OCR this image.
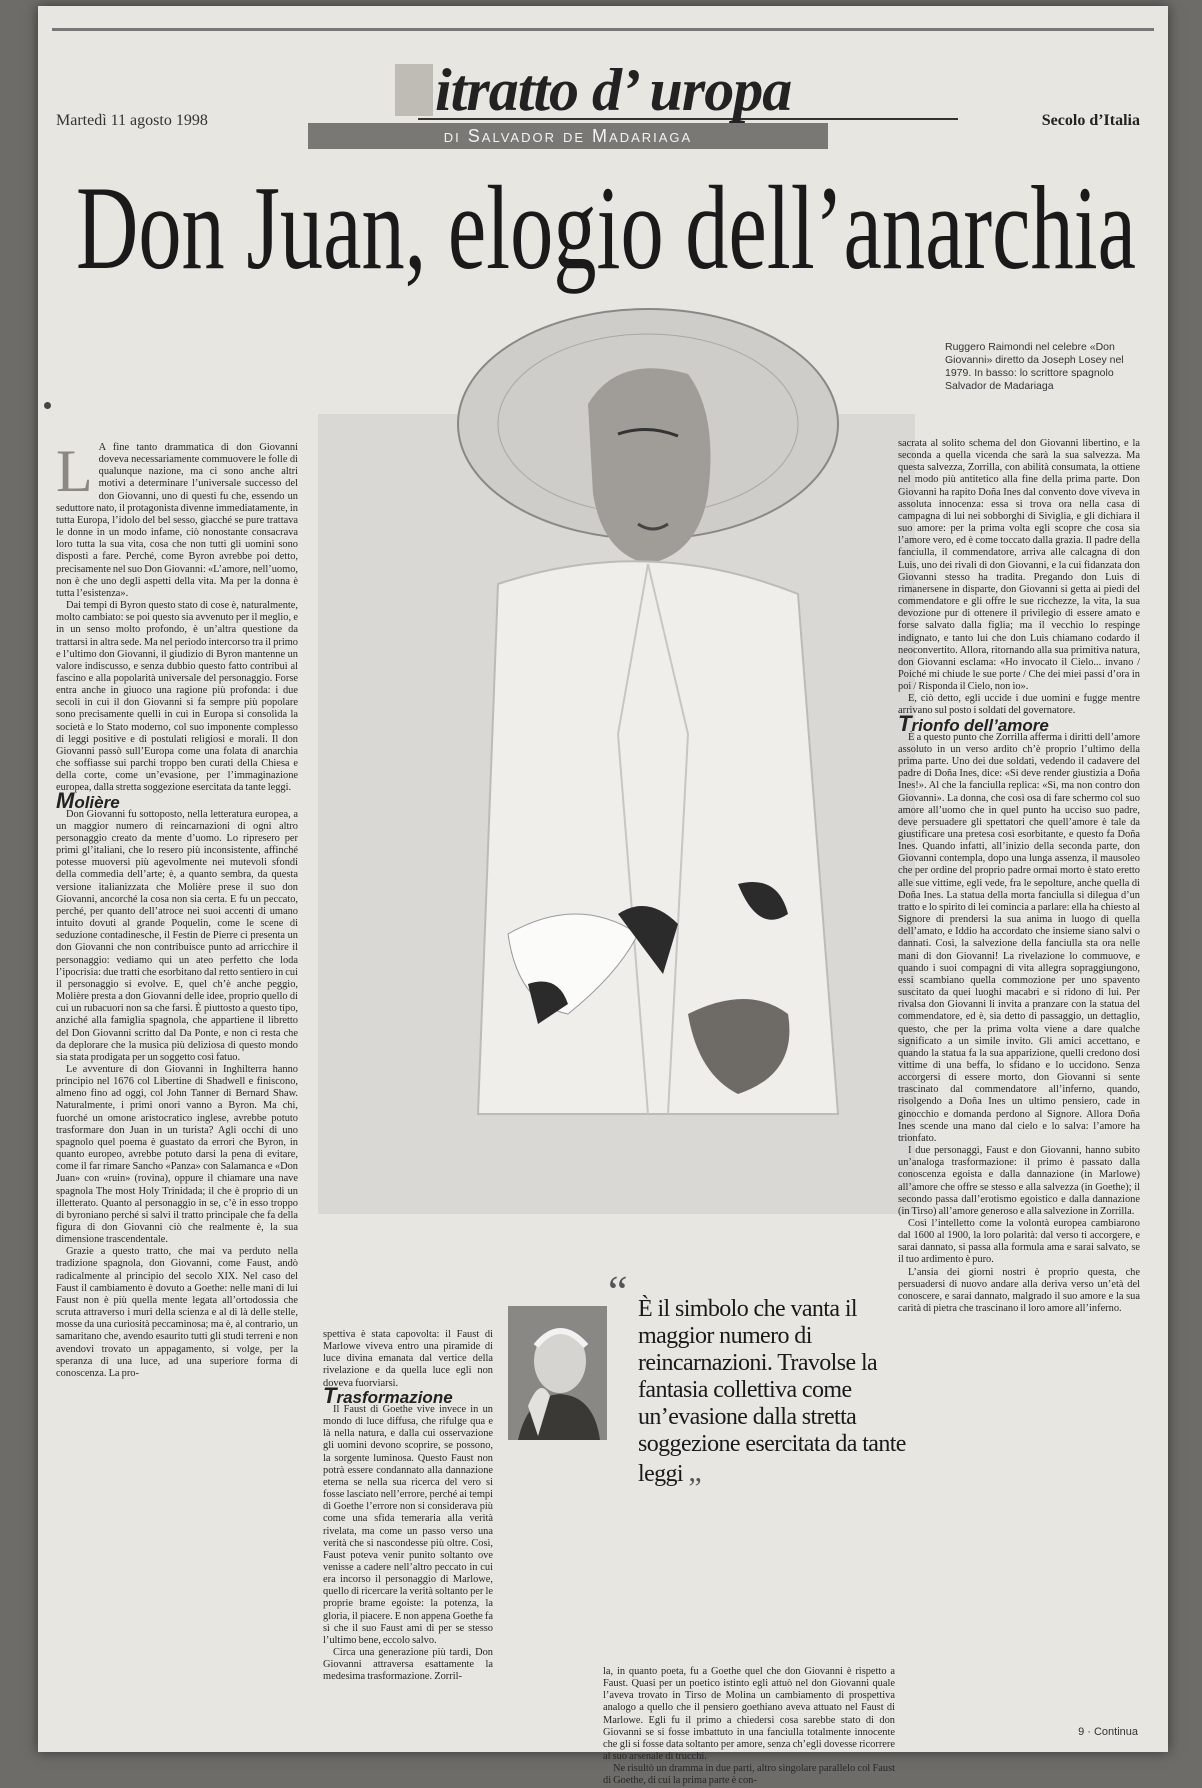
itratto d’ uropa
di Salvador de Madariaga
Martedì 11 agosto 1998	Secolo d’Italia
Don Juan, elogio dell’anarchia
Ruggero Raimondi nel celebre «Don Giovanni» diretto da Joseph Losey nel 1979. In basso: lo scrittore spagnolo Salvador de Madariaga
L A fine tanto drammatica di don Giovanni doveva necessariamente commuovere le folle di qualunque nazione, ma ci sono anche altri motivi a determinare l’universale successo del don Giovanni, uno di questi fu che, essendo un seduttore nato, il protagonista divenne immediatamente, in tutta Europa, l’idolo del bel sesso, giacché se pure trattava le donne in un modo infame, ciò nonostante consacrava loro tutta la sua vita, cosa che non tutti gli uomini sono disposti a fare. Perché, come Byron avrebbe poi detto, precisamente nel suo Don Giovanni: «L’amore, nell’uomo, non è che uno degli aspetti della vita. Ma per la donna è tutta l’esistenza».

Dai tempi di Byron questo stato di cose è, naturalmente, molto cambiato: se poi questo sia avvenuto per il meglio, e in un senso molto profondo, è un’altra questione da trattarsi in altra sede. Ma nel periodo intercorso tra il primo e l’ultimo don Giovanni, il giudizio di Byron mantenne un valore indiscusso, e senza dubbio questo fatto contribuì al fascino e alla popolarità universale del personaggio. Forse entra anche in giuoco una ragione più profonda: i due secoli in cui il don Giovanni si fa sempre più popolare sono precisamente quelli in cui in Europa si consolida la società e lo Stato moderno, col suo imponente complesso di leggi positive e di postulati religiosi e morali. Il don Giovanni passò sull’Europa come una folata di anarchia che soffiasse sui parchi troppo ben curati della Chiesa e della corte, come un’evasione, per l’immaginazione europea, dalla stretta soggezione esercitata da tante leggi.

Molière

Don Giovanni fu sottoposto, nella letteratura europea, a un maggior numero di reincarnazioni di ogni altro personaggio creato da mente d’uomo. Lo ripresero per primi gl’italiani, che lo resero più inconsistente, affinché potesse muoversi più agevolmente nei mutevoli sfondi della commedia dell’arte; è, a quanto sembra, da questa versione italianizzata che Molière prese il suo don Giovanni, ancorché la cosa non sia certa. E fu un peccato, perché, per quanto dell’atroce nei suoi accenti di umano intuito dovuti al grande Poquelin, come le scene di seduzione contadinesche, il Festin de Pierre ci presenta un don Giovanni che non contribuisce punto ad arricchire il personaggio: vediamo qui un ateo perfetto che loda l’ipocrisia: due tratti che esorbitano dal retto sentiero in cui il personaggio si evolve. E, quel ch’è anche peggio, Molière presta a don Giovanni delle idee, proprio quello di cui un rubacuori non sa che farsi. È piuttosto a questo tipo, anziché alla famiglia spagnola, che appartiene il libretto del Don Giovanni scritto dal Da Ponte, e non ci resta che da deplorare che la musica più deliziosa di questo mondo sia stata prodigata per un soggetto così fatuo.

Le avventure di don Giovanni in Inghilterra hanno principio nel 1676 col Libertine di Shadwell e finiscono, almeno fino ad oggi, col John Tanner di Bernard Shaw. Naturalmente, i primi onori vanno a Byron. Ma chi, fuorché un omone aristocratico inglese, avrebbe potuto trasformare don Juan in un turista? Agli occhi di uno spagnolo quel poema è guastato da errori che Byron, in quanto europeo, avrebbe potuto darsi la pena di evitare, come il far rimare Sancho «Panza» con Salamanca e «Don Juan» con «ruin» (rovina), oppure il chiamare una nave spagnola The most Holy Trinidada; il che è proprio di un illetterato. Quanto al personaggio in se, c’è in esso troppo di byroniano perché si salvi il tratto principale che fa della figura di don Giovanni ciò che realmente è, la sua dimensione trascendentale.

Grazie a questo tratto, che mai va perduto nella tradizione spagnola, don Giovanni, come Faust, andò radicalmente al principio del secolo XIX. Nel caso del Faust il cambiamento è dovuto a Goethe: nelle mani di lui Faust non è più quella mente legata all’ortodossia che scruta attraverso i muri della scienza e al di là delle stelle, mosse da una curiosità peccaminosa; ma è, al contrario, un samaritano che, avendo esaurito tutti gli studi terreni e non avendovi trovato un appagamento, si volge, per la speranza di una luce, ad una superiore forma di conoscenza. La pro-

spettiva è stata capovolta: il Faust di Marlowe viveva entro una piramide di luce divina emanata dal vertice della rivelazione e da quella luce egli non doveva fuorviarsi.

Trasformazione

Il Faust di Goethe vive invece in un mondo di luce diffusa, che rifulge qua e là nella natura, e dalla cui osservazione gli uomini devono scoprire, se possono, la sorgente luminosa. Questo Faust non potrà essere condannato alla dannazione eterna se nella sua ricerca del vero si fosse lasciato nell’errore, perché ai tempi di Goethe l’errore non si considerava più come una sfida temeraria alla verità rivelata, ma come un passo verso una verità che si nascondesse più oltre. Così, Faust poteva venir punito soltanto ove venisse a cadere nell’altro peccato in cui era incorso il personaggio di Marlowe, quello di ricercare la verità soltanto per le proprie brame egoiste: la potenza, la gloria, il piacere. E non appena Goethe fa sì che il suo Faust ami di per se stesso l’ultimo bene, eccolo salvo.

Circa una generazione più tardi, Don Giovanni attraversa esattamente la medesima trasformazione. Zorril-

“ È il simbolo che vanta il maggior numero di reincarnazioni. Travolse la fantasia collettiva come un’evasione dalla stretta soggezione esercitata da tante leggi „

la, in quanto poeta, fu a Goethe quel che don Giovanni è rispetto a Faust. Quasi per un poetico istinto egli attuò nel don Giovanni quale l’aveva trovato in Tirso de Molina un cambiamento di prospettiva analogo a quello che il pensiero goethiano aveva attuato nel Faust di Marlowe. Egli fu il primo a chiedersi cosa sarebbe stato di don Giovanni se si fosse imbattuto in una fanciulla totalmente innocente che gli si fosse data soltanto per amore, senza ch’egli dovesse ricorrere al suo arsenale di trucchi.

Ne risultò un dramma in due parti, altro singolare parallelo col Faust di Goethe, di cui la prima parte è con-

sacrata al solito schema del don Giovanni libertino, e la seconda a quella vicenda che sarà la sua salvezza. Ma questa salvezza, Zorrilla, con abilità consumata, la ottiene nel modo più antitetico alla fine della prima parte. Don Giovanni ha rapito Doña Ines dal convento dove viveva in assoluta innocenza: essa si trova ora nella casa di campagna di lui nei sobborghi di Siviglia, e gli dichiara il suo amore: per la prima volta egli scopre che cosa sia l’amore vero, ed è come toccato dalla grazia. Il padre della fanciulla, il commendatore, arriva alle calcagna di don Luis, uno dei rivali di don Giovanni, e la cui fidanzata don Giovanni stesso ha tradita. Pregando don Luis di rimanersene in disparte, don Giovanni si getta ai piedi del commendatore e gli offre le sue ricchezze, la vita, la sua devozione pur di ottenere il privilegio di essere amato e forse salvato dalla figlia; ma il vecchio lo respinge indignato, e tanto lui che don Luis chiamano codardo il neoconvertito. Allora, ritornando alla sua primitiva natura, don Giovanni esclama: «Ho invocato il Cielo... invano / Poiché mi chiude le sue porte / Che dei miei passi d’ora in poi / Risponda il Cielo, non io».

E, ciò detto, egli uccide i due uomini e fugge mentre arrivano sul posto i soldati del governatore.

Trionfo dell’amore

È a questo punto che Zorrilla afferma i diritti dell’amore assoluto in un verso ardito ch’è proprio l’ultimo della prima parte. Uno dei due soldati, vedendo il cadavere del padre di Doña Ines, dice: «Si deve render giustizia a Doña Ines!». Al che la fanciulla replica: «Sì, ma non contro don Giovanni». La donna, che così osa di fare schermo col suo amore all’uomo che in quel punto ha ucciso suo padre, deve persuadere gli spettatori che quell’amore è tale da giustificare una pretesa così esorbitante, e questo fa Doña Ines. Quando infatti, all’inizio della seconda parte, don Giovanni contempla, dopo una lunga assenza, il mausoleo che per ordine del proprio padre ormai morto è stato eretto alle sue vittime, egli vede, fra le sepolture, anche quella di Doña Ines. La statua della morta fanciulla si dilegua d’un tratto e lo spirito di lei comincia a parlare: ella ha chiesto al Signore di prendersi la sua anima in luogo di quella dell’amato, e Iddio ha accordato che insieme siano salvi o dannati. Così, la salvezione della fanciulla sta ora nelle mani di don Giovanni! La rivelazione lo commuove, e quando i suoi compagni di vita allegra sopraggiungono, essi scambiano quella commozione per uno spavento suscitato da quei luoghi macabri e si ridono di lui. Per rivalsa don Giovanni li invita a pranzare con la statua del commendatore, ed è, sia detto di passaggio, un dettaglio, questo, che per la prima volta viene a dare qualche significato a un simile invito. Gli amici accettano, e quando la statua fa la sua apparizione, quelli credono dosi vittime di una beffa, lo sfidano e lo uccidono. Senza accorgersi di essere morto, don Giovanni si sente trascinato dal commendatore all’inferno, quando, risolgendo a Doña Ines un ultimo pensiero, cade in ginocchio e domanda perdono al Signore. Allora Doña Ines scende una mano dal cielo e lo salva: l’amore ha trionfato.

I due personaggi, Faust e don Giovanni, hanno subito un’analoga trasformazione: il primo è passato dalla conoscenza egoista e dalla dannazione (in Marlowe) all’amore che offre se stesso e alla salvezza (in Goethe); il secondo passa dall’erotismo egoistico e dalla dannazione (in Tirso) all’amore generoso e alla salvezione in Zorrilla.

Così l’intelletto come la volontà europea cambiarono dal 1600 al 1900, la loro polarità: dal verso ti accorgere, e sarai dannato, si passa alla formula ama e sarai salvato, se il tuo ardimento è puro.

L’ansia dei giorni nostri è proprio questa, che persuadersi di nuovo andare alla deriva verso un’età del conoscere, e sarai dannato, malgrado il suo amore e la sua carità di pietra che trascinano il loro amore all’inferno.

9 · Continua
